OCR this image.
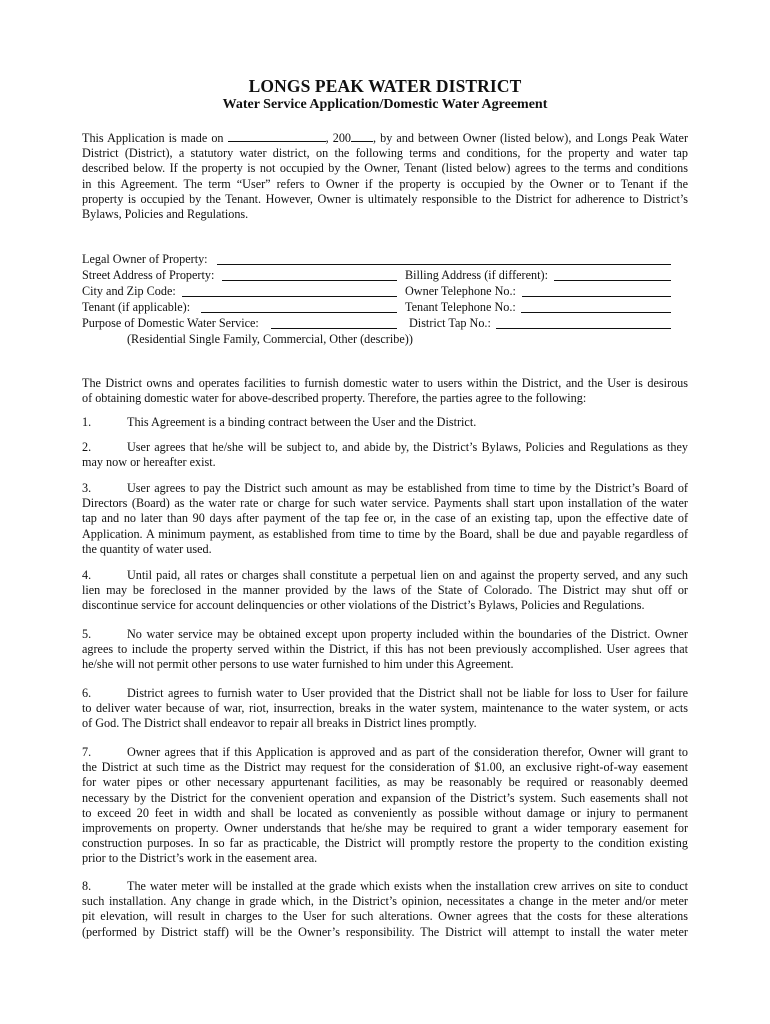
LONGS PEAK WATER DISTRICT
Water Service Application/Domestic Water Agreement
This Application is made on	, 200 , by and between Owner (listed below), and Longs Peak Water
District (District), a statutory water district, on the following terms and conditions, for the property and water tap
described below. If the property is not occupied by the Owner, Tenant (listed below) agrees to the terms and conditions
in this Agreement. The term “User” refers to Owner if the property is occupied by the Owner or to Tenant if the
property is occupied by the Tenant. However, Owner is ultimately responsible to the District for adherence to District’s
Bylaws, Policies and Regulations.
Legal Owner of Property:
Street Address of Property:	Billing Address (if different):
City and Zip Code:	Owner Telephone No.:
Tenant (if applicable):	Tenant Telephone No.:
Purpose of Domestic Water Service:	District Tap No.:
(Residential Single Family, Commercial, Other (describe))
The District owns and operates facilities to furnish domestic water to users within the District, and the User is desirous
of obtaining domestic water for above-described property. Therefore, the parties agree to the following:
1.	This Agreement is a binding contract between the User and the District.
2.	User agrees that he/she will be subject to, and abide by, the District’s Bylaws, Policies and Regulations as they
may now or hereafter exist.
3.	User agrees to pay the District such amount as may be established from time to time by the District’s Board of
Directors (Board) as the water rate or charge for such water service. Payments shall start upon installation of the water
tap and no later than 90 days after payment of the tap fee or, in the case of an existing tap, upon the effective date of
Application. A minimum payment, as established from time to time by the Board, shall be due and payable regardless of
the quantity of water used.
4.	Until paid, all rates or charges shall constitute a perpetual lien on and against the property served, and any such
lien may be foreclosed in the manner provided by the laws of the State of Colorado. The District may shut off or
discontinue service for account delinquencies or other violations of the District’s Bylaws, Policies and Regulations.
5.	No water service may be obtained except upon property included within the boundaries of the District. Owner
agrees to include the property served within the District, if this has not been previously accomplished. User agrees that
he/she will not permit other persons to use water furnished to him under this Agreement.
6.	District agrees to furnish water to User provided that the District shall not be liable for loss to User for failure
to deliver water because of war, riot, insurrection, breaks in the water system, maintenance to the water system, or acts
of God. The District shall endeavor to repair all breaks in District lines promptly.
7.	Owner agrees that if this Application is approved and as part of the consideration therefor, Owner will grant to
the District at such time as the District may request for the consideration of $1.00, an exclusive right-of-way easement
for water pipes or other necessary appurtenant facilities, as may be reasonably be required or reasonably deemed
necessary by the District for the convenient operation and expansion of the District’s system. Such easements shall not
to exceed 20 feet in width and shall be located as conveniently as possible without damage or injury to permanent
improvements on property. Owner understands that he/she may be required to grant a wider temporary easement for
construction purposes. In so far as practicable, the District will promptly restore the property to the condition existing
prior to the District’s work in the easement area.
8.	The water meter will be installed at the grade which exists when the installation crew arrives on site to conduct
such installation. Any change in grade which, in the District’s opinion, necessitates a change in the meter and/or meter
pit elevation, will result in charges to the User for such alterations. Owner agrees that the costs for these alterations
(performed by District staff) will be the Owner’s responsibility. The District will attempt to install the water meter
